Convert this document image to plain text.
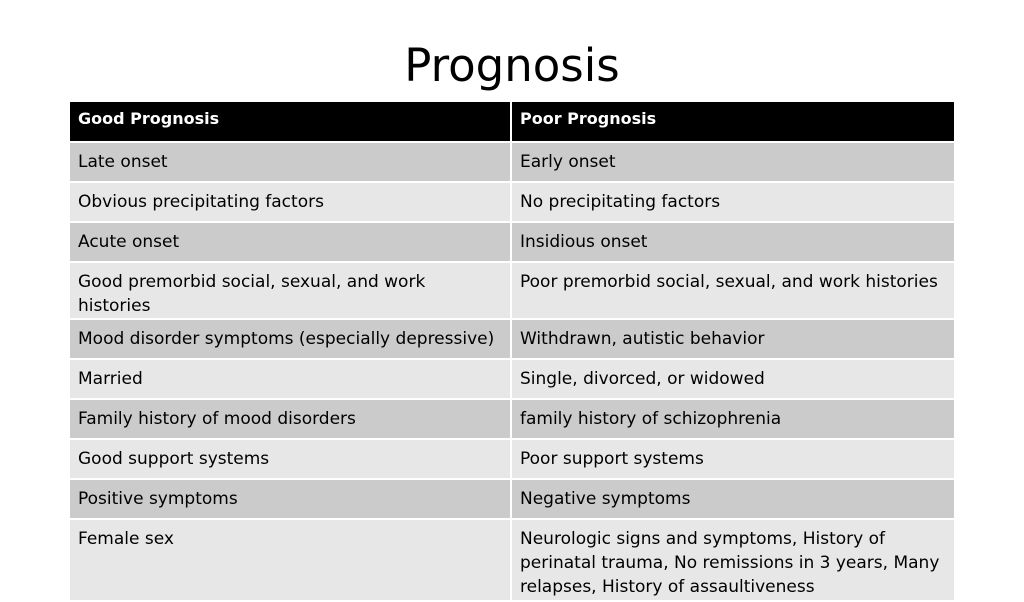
Prognosis
Good Prognosis	Poor Prognosis
Late onset	Early onset
Obvious precipitating factors	No precipitating factors
Acute onset	Insidious onset
Good premorbid social, sexual, and work histories	Poor premorbid social, sexual, and work histories
Mood disorder symptoms (especially depressive)	Withdrawn, autistic behavior
Married	Single, divorced, or widowed
Family history of mood disorders	family history of schizophrenia
Good support systems	Poor support systems
Positive symptoms	Negative symptoms
Female sex	Neurologic signs and symptoms, History of perinatal trauma, No remissions in 3 years, Many relapses, History of assaultiveness
